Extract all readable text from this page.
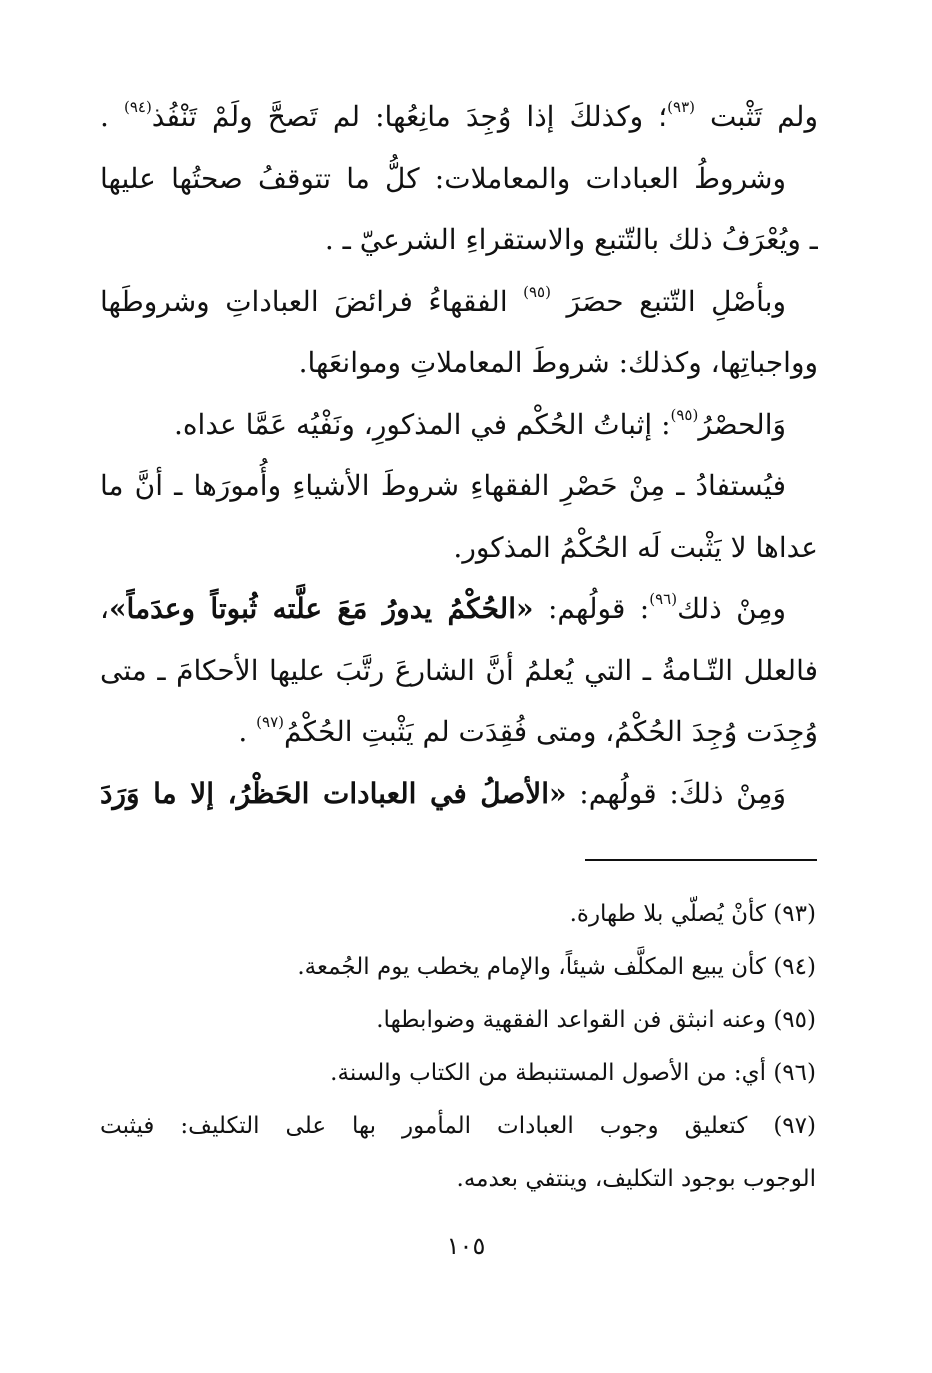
ولم تَثْبت $^{(٩٣)}$؛ وكذلكَ إذا وُجِدَ مانِعُها: لم تَصحَّ ولَمْ تَنْفُذ$^{(٩٤)}$ .
وشروطُ العبادات والمعاملات: كلُّ ما تتوقفُ صحتُها عليها
ـ ويُعْرَفُ ذلك بالتّتبع والاستقراءِ الشرعيّ ـ .
وبأصْلِ التّتبع حصَرَ $^{(٩٥)}$ الفقهاءُ فرائضَ العباداتِ وشروطَها
وواجباتِها، وكذلك: شروطَ المعاملاتِ وموانعَها.
وَالحصْرُ$^{(٩٥)}$: إثباتُ الحُكْم في المذكورِ، ونَفْيُه عَمَّا عداه.
فيُستفادُ ـ مِنْ حَصْرِ الفقهاءِ شروطَ الأشياءِ وأُمورَها ـ أنَّ ما
عداها لا يَثْبت لَه الحُكْمُ المذكور.
ومِنْ ذلك$^{(٩٦)}$: قولُهم: «الحُكْمُ يدورُ مَعَ علَّته ثُبوتاً وعدَماً»،
فالعلل التّـامةُ ـ التي يُعلمُ أنَّ الشارعَ رتَّبَ عليها الأحكامَ ـ متى
وُجِدَت وُجِدَ الحُكْمُ، ومتى فُقِدَت لم يَثْبتِ الحُكْمُ$^{(٩٧)}$ .
وَمِنْ ذلكَ: قولُهم: «الأصلُ في العبادات الحَظْرُ، إلا ما وَرَدَ
(٩٣) كأنْ يُصلّي بلا طهارة.
(٩٤) كأن يبيع المكلَّف شيئاً، والإمام يخطب يوم الجُمعة.
(٩٥) وعنه انبثق فن القواعد الفقهية وضوابطها.
(٩٦) أي: من الأصول المستنبطة من الكتاب والسنة.
(٩٧) كتعليق وجوب العبادات المأمور بها على التكليف: فيثبت
الوجوب بوجود التكليف، وينتفي بعدمه.
١٠٥
